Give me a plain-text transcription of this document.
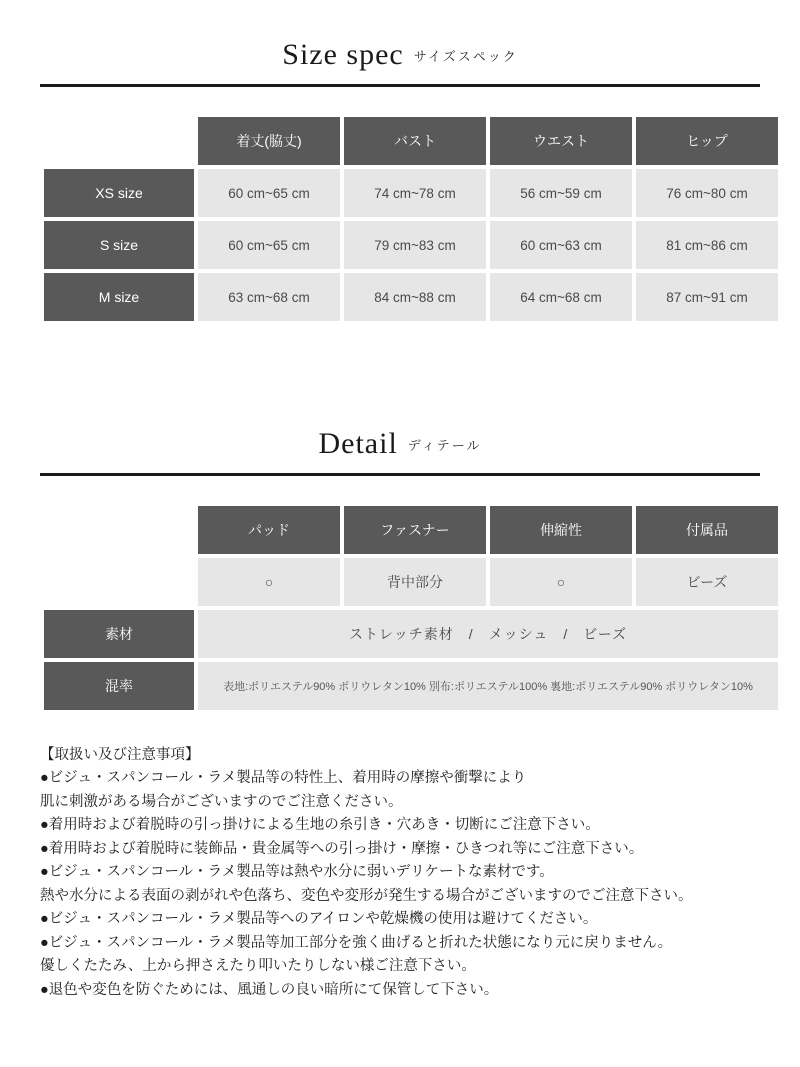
Size spec サイズスペック
	着丈(脇丈)	バスト	ウエスト	ヒップ
XS size	60 cm~65 cm	74 cm~78 cm	56 cm~59 cm	76 cm~80 cm
S size	60 cm~65 cm	79 cm~83 cm	60 cm~63 cm	81 cm~86 cm
M size	63 cm~68 cm	84 cm~88 cm	64 cm~68 cm	87 cm~91 cm
Detail ディテール
	パッド	ファスナー	伸縮性	付属品
	○	背中部分	○	ビーズ
素材	ストレッチ素材　/　メッシュ　/　ビーズ			
混率	表地:ポリエステル90% ポリウレタン10% 別布:ポリエステル100% 裏地:ポリエステル90% ポリウレタン10%			
【取扱い及び注意事項】
●ビジュ・スパンコール・ラメ製品等の特性上、着用時の摩擦や衝撃により
肌に刺激がある場合がございますのでご注意ください。
●着用時および着脱時の引っ掛けによる生地の糸引き・穴あき・切断にご注意下さい。
●着用時および着脱時に装飾品・貴金属等への引っ掛け・摩擦・ひきつれ等にご注意下さい。
●ビジュ・スパンコール・ラメ製品等は熱や水分に弱いデリケートな素材です。
熱や水分による表面の剥がれや色落ち、変色や変形が発生する場合がございますのでご注意下さい。
●ビジュ・スパンコール・ラメ製品等へのアイロンや乾燥機の使用は避けてください。
●ビジュ・スパンコール・ラメ製品等加工部分を強く曲げると折れた状態になり元に戻りません。
優しくたたみ、上から押さえたり叩いたりしない様ご注意下さい。
●退色や変色を防ぐためには、風通しの良い暗所にて保管して下さい。
